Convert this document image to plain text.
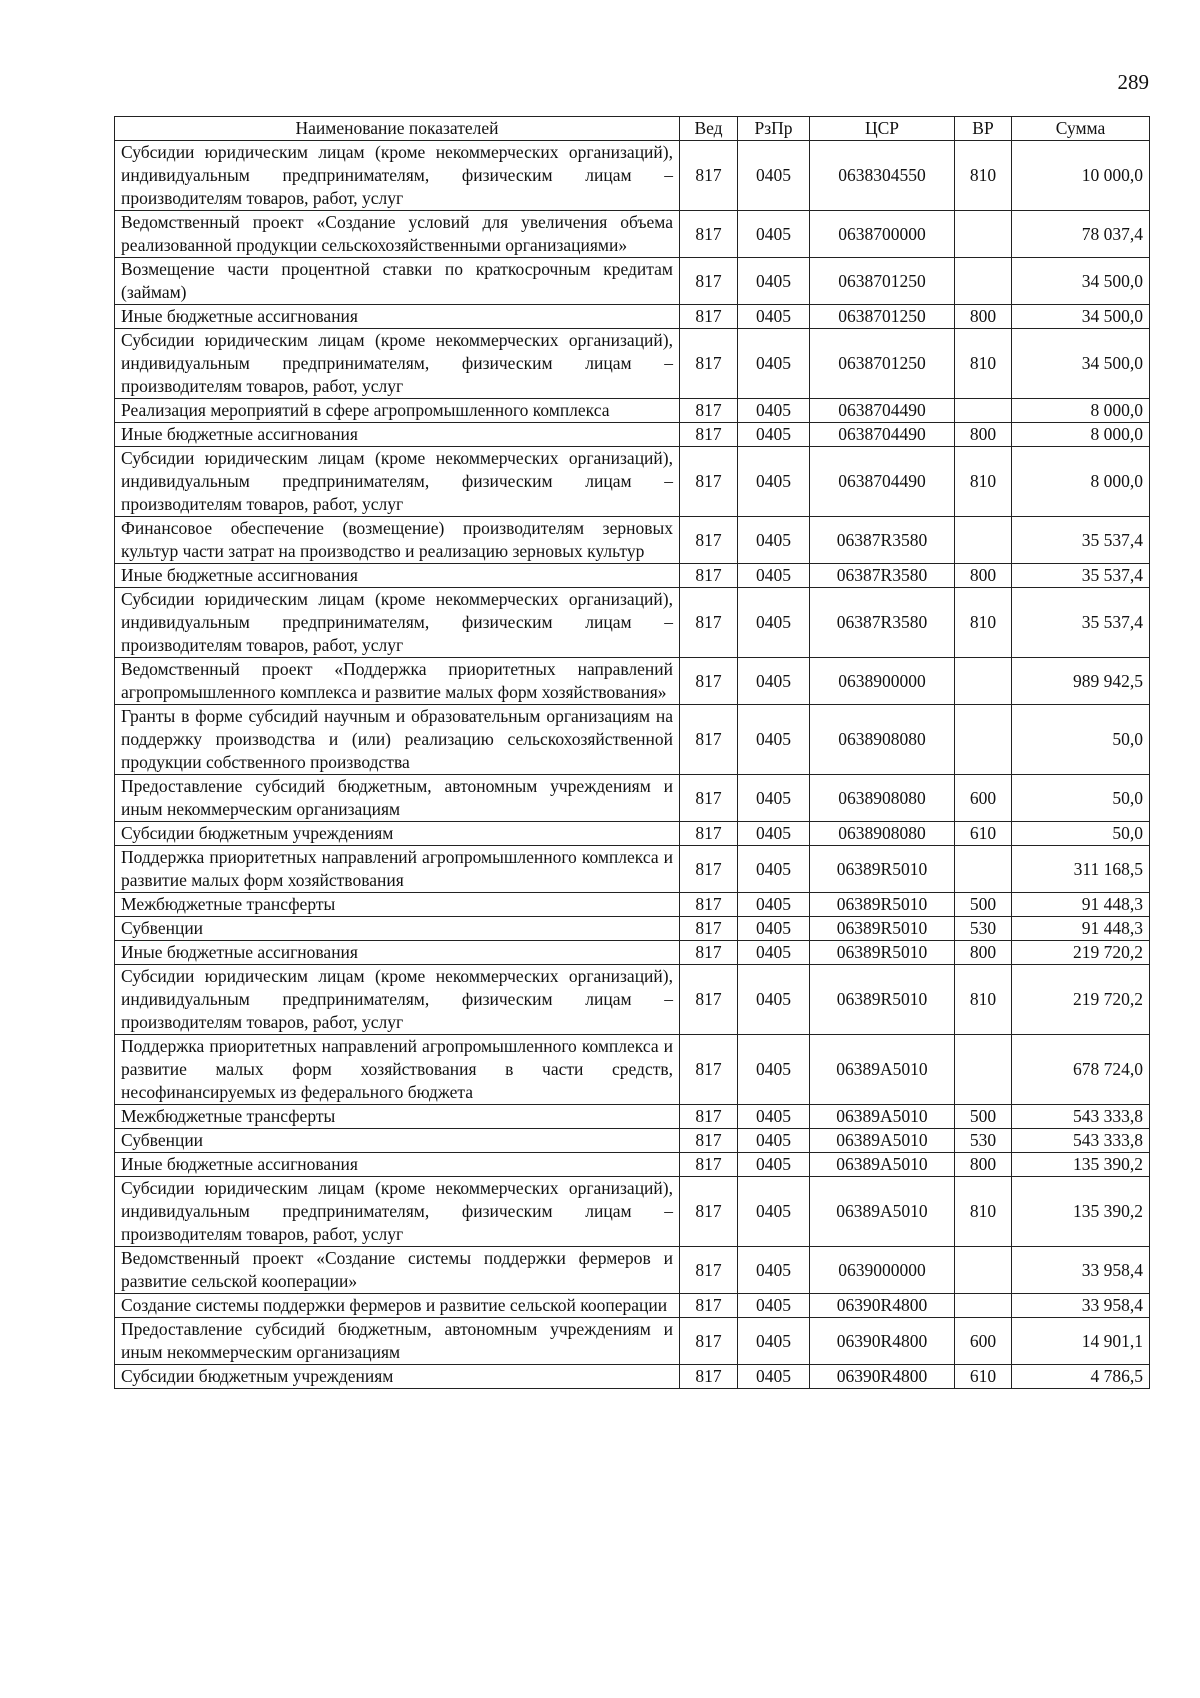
289
Наименование показателей	Вед	РзПр	ЦСР	ВР	Сумма
Субсидии юридическим лицам (кроме некоммерческих организаций), индивидуальным предпринимателям, физическим лицам – производителям товаров, работ, услуг	817	0405	0638304550	810	10 000,0
Ведомственный проект «Создание условий для увеличения объема реализованной продукции сельскохозяйственными организациями»	817	0405	0638700000		78 037,4
Возмещение части процентной ставки по краткосрочным кредитам (займам)	817	0405	0638701250		34 500,0
Иные бюджетные ассигнования	817	0405	0638701250	800	34 500,0
Субсидии юридическим лицам (кроме некоммерческих организаций), индивидуальным предпринимателям, физическим лицам – производителям товаров, работ, услуг	817	0405	0638701250	810	34 500,0
Реализация мероприятий в сфере агропромышленного комплекса	817	0405	0638704490		8 000,0
Иные бюджетные ассигнования	817	0405	0638704490	800	8 000,0
Субсидии юридическим лицам (кроме некоммерческих организаций), индивидуальным предпринимателям, физическим лицам – производителям товаров, работ, услуг	817	0405	0638704490	810	8 000,0
Финансовое обеспечение (возмещение) производителям зерновых культур части затрат на производство и реализацию зерновых культур	817	0405	06387R3580		35 537,4
Иные бюджетные ассигнования	817	0405	06387R3580	800	35 537,4
Субсидии юридическим лицам (кроме некоммерческих организаций), индивидуальным предпринимателям, физическим лицам – производителям товаров, работ, услуг	817	0405	06387R3580	810	35 537,4
Ведомственный проект «Поддержка приоритетных направлений агропромышленного комплекса и развитие малых форм хозяйствования»	817	0405	0638900000		989 942,5
Гранты в форме субсидий научным и образовательным организациям на поддержку производства и (или) реализацию сельскохозяйственной продукции собственного производства	817	0405	0638908080		50,0
Предоставление субсидий бюджетным, автономным учреждениям и иным некоммерческим организациям	817	0405	0638908080	600	50,0
Субсидии бюджетным учреждениям	817	0405	0638908080	610	50,0
Поддержка приоритетных направлений агропромышленного комплекса и развитие малых форм хозяйствования	817	0405	06389R5010		311 168,5
Межбюджетные трансферты	817	0405	06389R5010	500	91 448,3
Субвенции	817	0405	06389R5010	530	91 448,3
Иные бюджетные ассигнования	817	0405	06389R5010	800	219 720,2
Субсидии юридическим лицам (кроме некоммерческих организаций), индивидуальным предпринимателям, физическим лицам – производителям товаров, работ, услуг	817	0405	06389R5010	810	219 720,2
Поддержка приоритетных направлений агропромышленного комплекса и развитие малых форм хозяйствования в части средств, несофинансируемых из федерального бюджета	817	0405	06389A5010		678 724,0
Межбюджетные трансферты	817	0405	06389A5010	500	543 333,8
Субвенции	817	0405	06389A5010	530	543 333,8
Иные бюджетные ассигнования	817	0405	06389A5010	800	135 390,2
Субсидии юридическим лицам (кроме некоммерческих организаций), индивидуальным предпринимателям, физическим лицам – производителям товаров, работ, услуг	817	0405	06389A5010	810	135 390,2
Ведомственный проект «Создание системы поддержки фермеров и развитие сельской кооперации»	817	0405	0639000000		33 958,4
Создание системы поддержки фермеров и развитие сельской кооперации	817	0405	06390R4800		33 958,4
Предоставление субсидий бюджетным, автономным учреждениям и иным некоммерческим организациям	817	0405	06390R4800	600	14 901,1
Субсидии бюджетным учреждениям	817	0405	06390R4800	610	4 786,5
